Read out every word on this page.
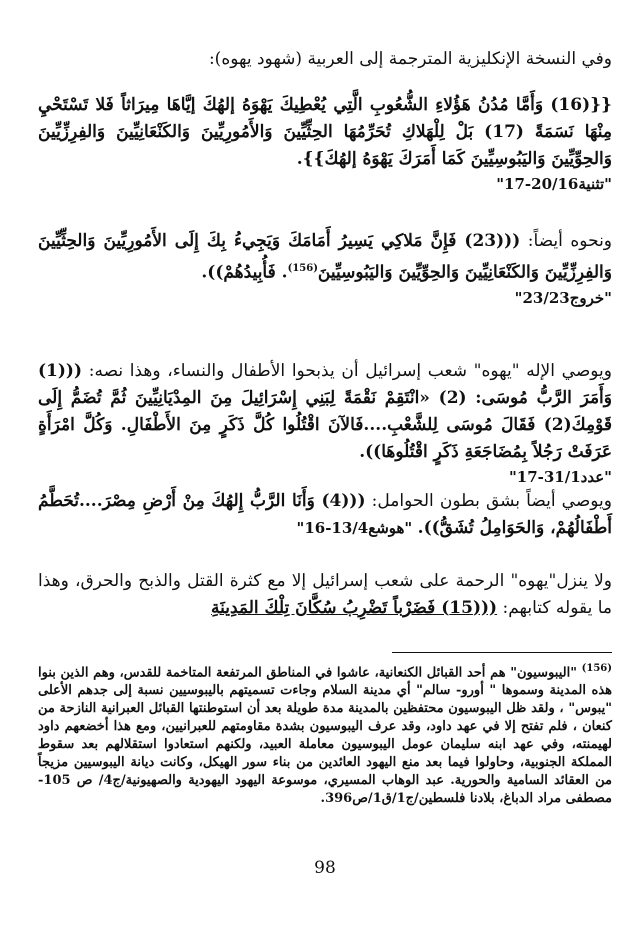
وفي النسخة الإنكليزية المترجمة إلى العربية (شهود يهوه):

{{(16) وَأَمَّا مُدُنُ هَؤُلاءِ الشُّعُوبِ الَّتِي يُعْطِيكَ يَهْوَهُ إلهُكَ إيَّاهَا مِيرَاثاً فَلا تَسْتَحْيِ مِنْهَا نَسَمَةً (17) بَلْ لِلْهَلاكِ تُحَرِّمُهَا الحِثِّيِّينَ وَالأَمُورِيِّينَ وَالكَنْعَانِيِّينَ وَالفِرِزِّيِّينَ وَالحِوِّيِّينَ وَاليَبُوسِيِّينَ كَمَا أَمَرَكَ يَهْوَهُ إلهُكَ}}.

"تثنية20/16-17"

ونحوه أيضاً: (((23) فَإِنَّ مَلاكِي يَسِيرُ أَمَامَكَ وَيَجِيءُ بِكَ إِلَى الأَمُورِيِّينَ وَالحِثِّيِّينَ وَالفِرِزِّيِّينَ وَالكَنْعَانِيِّينَ وَالحِوِّيِّينَ وَاليَبُوسِيِّينَ$^{(156)}$. فَأُبِيدُهُمْ)).

"خروج23/23"

ويوصي الإله "يهوه" شعب إسرائيل أن يذبحوا الأطفال والنساء، وهذا نصه: (((1) وَأَمَرَ الرَّبُّ مُوسَى: (2) «انْتَقِمْ نَقْمَةً لِبَنِي إِسْرَائِيلَ مِنَ المِدْيَانِيِّينَ ثُمَّ تُضَمُّ إِلَى قَوْمِكَ(2) فَقَالَ مُوسَى لِلشَّعْبِ....فَالآنَ اقْتُلُوا كُلَّ ذَكَرٍ مِنَ الأَطْفَالِ. وَكُلَّ امْرَأَةٍ عَرَفَتْ رَجُلاً بِمُضَاجَعَةِ ذَكَرٍ اقْتُلُوهَا)).

"عدد31/1-17"

ويوصي أيضاً بشق بطون الحوامل: (((4) وَأَنَا الرَّبُّ إِلهُكَ مِنْ أَرْضِ مِصْرَ....تُحَطَّمُ أَطْفَالُهُمْ، وَالحَوَامِلُ تُشَقُّ)). "هوشع13/4-16"

ولا ينزل"يهوه" الرحمة على شعب إسرائيل إلا مع كثرة القتل والذبح والحرق، وهذا ما يقوله كتابهم: (((15) فَضَرْباً تَضْرِبُ سُكَّانَ تِلْكَ المَدِينَةِ

$^{(156)}$ "اليبوسيون" هم أحد القبائل الكنعانية، عاشوا في المناطق المرتفعة المتاخمة للقدس، وهم الذين بنوا هذه المدينة وسموها " أورو- سالم" أي مدينة السلام وجاءت تسميتهم باليبوسيين نسبة إلى جدهم الأعلى "يبوس" ، ولقد ظل اليبوسيون محتفظين بالمدينة مدة طويلة بعد أن استوطنتها القبائل العبرانية النازحة من كنعان ، فلم تفتح إلا في عهد داود، وقد عرف اليبوسيون بشدة مقاومتهم للعبرانيين، ومع هذا أخضعهم داود لهيمنته، وفي عهد ابنه سليمان عومل اليبوسيون معاملة العبيد، ولكنهم استعادوا استقلالهم بعد سقوط المملكة الجنوبية، وحاولوا فيما بعد منع اليهود العائدين من بناء سور الهيكل، وكانت ديانة اليبوسيين مزيجاً من العقائد السامية والحورية. عبد الوهاب المسيري، موسوعة اليهود اليهودية والصهيونية/ج4/ ص 105- مصطفى مراد الدباغ، بلادنا فلسطين/ج1/ق1/ص396.

98
